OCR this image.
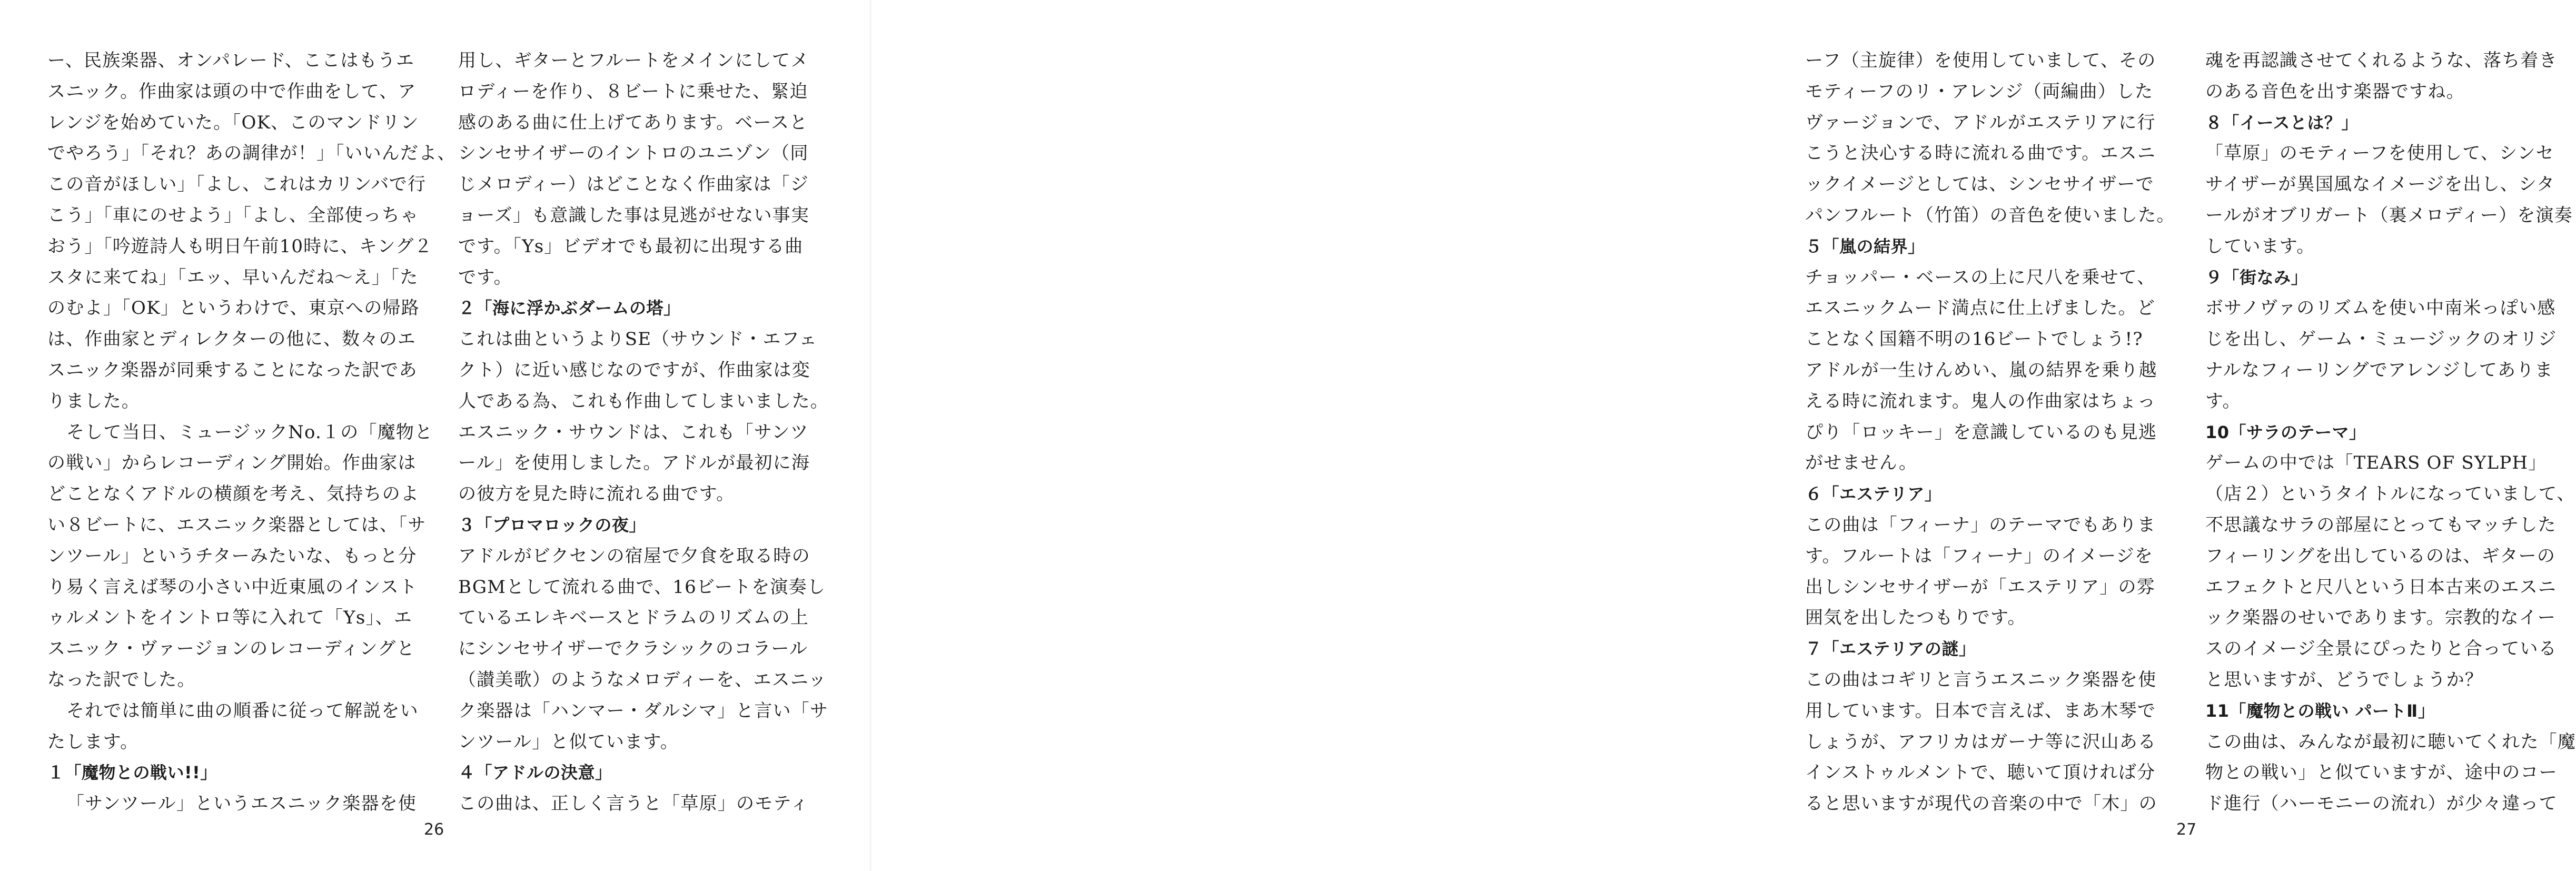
ー、民族楽器、オンパレード、ここはもうエ
スニック。作曲家は頭の中で作曲をして、ア
レンジを始めていた。「OK、このマンドリン
でやろう」「それ？あの調律が！」「いいんだよ、
この音がほしい」「よし、これはカリンバで行
こう」「車にのせよう」「よし、全部使っちゃ
おう」「吟遊詩人も明日午前10時に、キング２
スタに来てね」「エッ、早いんだね～え」「た
のむよ」「OK」というわけで、東京への帰路
は、作曲家とディレクターの他に、数々のエ
スニック楽器が同乗することになった訳であ
りました。
そして当日、ミュージックNo.１の「魔物と
の戦い」からレコーディング開始。作曲家は
どことなくアドルの横顔を考え、気持ちのよ
い８ビートに、エスニック楽器としては、「サ
ンツール」というチターみたいな、もっと分
り易く言えば琴の小さい中近東風のインスト
ゥルメントをイントロ等に入れて「Ys」、エ
スニック・ヴァージョンのレコーディングと
なった訳でした。
それでは簡単に曲の順番に従って解説をい
たします。
１「魔物との戦い!!」
「サンツール」というエスニック楽器を使
用し、ギターとフルートをメインにしてメ
ロディーを作り、８ビートに乗せた、緊迫
感のある曲に仕上げてあります。ベースと
シンセサイザーのイントロのユニゾン（同
じメロディー）はどことなく作曲家は「ジ
ョーズ」も意識した事は見逃がせない事実
です。「Ys」ビデオでも最初に出現する曲
です。
２「海に浮かぶダームの塔」
これは曲というよりSE（サウンド・エフェ
クト）に近い感じなのですが、作曲家は変
人である為、これも作曲してしまいました。
エスニック・サウンドは、これも「サンツ
ール」を使用しました。アドルが最初に海
の彼方を見た時に流れる曲です。
３「プロマロックの夜」
アドルがビクセンの宿屋で夕食を取る時の
BGMとして流れる曲で、16ビートを演奏し
ているエレキベースとドラムのリズムの上
にシンセサイザーでクラシックのコラール
（讃美歌）のようなメロディーを、エスニッ
ク楽器は「ハンマー・ダルシマ」と言い「サ
ンツール」と似ています。
４「アドルの決意」
この曲は、正しく言うと「草原」のモティ
26
ーフ（主旋律）を使用していまして、その
モティーフのリ・アレンジ（両編曲）した
ヴァージョンで、アドルがエステリアに行
こうと決心する時に流れる曲です。エスニ
ックイメージとしては、シンセサイザーで
パンフルート（竹笛）の音色を使いました。
５「嵐の結界」
チョッパー・ベースの上に尺八を乗せて、
エスニックムード満点に仕上げました。ど
ことなく国籍不明の16ビートでしょう!?
アドルが一生けんめい、嵐の結界を乗り越
える時に流れます。鬼人の作曲家はちょっ
ぴり「ロッキー」を意識しているのも見逃
がせません。
６「エステリア」
この曲は「フィーナ」のテーマでもありま
す。フルートは「フィーナ」のイメージを
出しシンセサイザーが「エステリア」の雰
囲気を出したつもりです。
７「エステリアの謎」
この曲はコギリと言うエスニック楽器を使
用しています。日本で言えば、まあ木琴で
しょうが、アフリカはガーナ等に沢山ある
インストゥルメントで、聴いて頂ければ分
ると思いますが現代の音楽の中で「木」の
魂を再認識させてくれるような、落ち着き
のある音色を出す楽器ですね。
８「イースとは？」
「草原」のモティーフを使用して、シンセ
サイザーが異国風なイメージを出し、シタ
ールがオブリガート（裏メロディー）を演奏
しています。
９「街なみ」
ボサノヴァのリズムを使い中南米っぽい感
じを出し、ゲーム・ミュージックのオリジ
ナルなフィーリングでアレンジしてありま
す。
10「サラのテーマ」
ゲームの中では「TEARS OF SYLPH」
（店２）というタイトルになっていまして、
不思議なサラの部屋にとってもマッチした
フィーリングを出しているのは、ギターの
エフェクトと尺八という日本古来のエスニ
ック楽器のせいであります。宗教的なイー
スのイメージ全景にぴったりと合っている
と思いますが、どうでしょうか？
11「魔物との戦い パートⅡ」
この曲は、みんなが最初に聴いてくれた「魔
物との戦い」と似ていますが、途中のコー
ド進行（ハーモニーの流れ）が少々違って
27
